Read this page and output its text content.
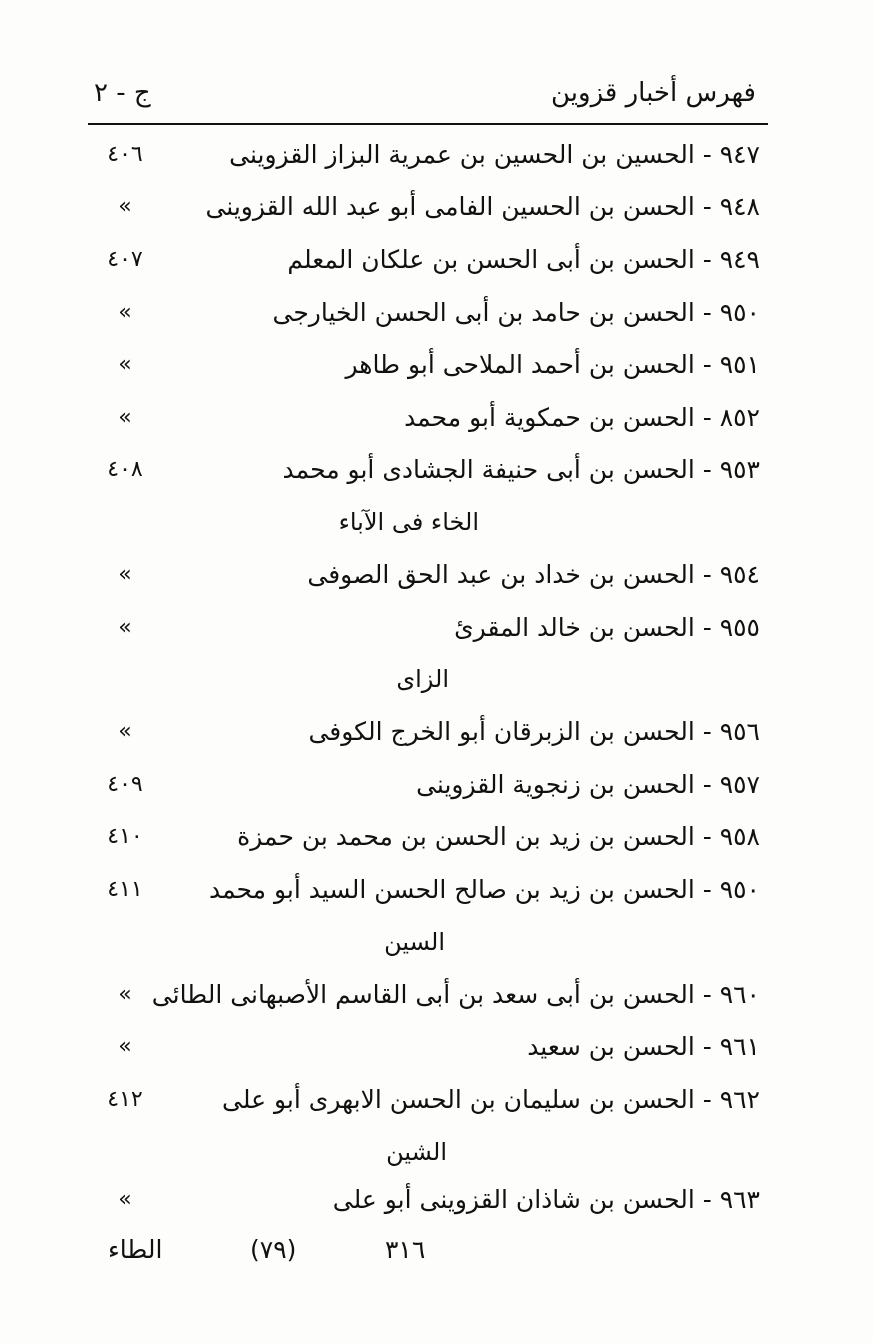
فهرس أخبار قزوين
ج - ٢
٩٤٧ - الحسين بن الحسين بن عمرية البزاز القزوينى
٤٠٦
٩٤٨ - الحسن بن الحسين الفامى أبو عبد الله القزوينى
»
٩٤٩ - الحسن بن أبى الحسن بن علكان المعلم
٤٠٧
٩٥٠ - الحسن بن حامد بن أبى الحسن الخيارجى
»
٩٥١ - الحسن بن أحمد الملاحى أبو طاهر
»
٨٥٢ - الحسن بن حمكوية أبو محمد
»
٩٥٣ - الحسن بن أبى حنيفة الجشادى أبو محمد
٤٠٨
الخاء فى الآباء
٩٥٤ - الحسن بن خداد بن عبد الحق الصوفى
»
٩٥٥ - الحسن بن خالد المقرئ
»
الزاى
٩٥٦ - الحسن بن الزبرقان أبو الخرج الكوفى
»
٩٥٧ - الحسن بن زنجوية القزوينى
٤٠٩
٩٥٨ - الحسن بن زيد بن الحسن بن محمد بن حمزة
٤١٠
٩٥٠ - الحسن بن زيد بن صالح الحسن السيد أبو محمد
٤١١
السين
٩٦٠ - الحسن بن أبى سعد بن أبى القاسم الأصبهانى الطائى
»
٩٦١ - الحسن بن سعيد
»
٩٦٢ - الحسن بن سليمان بن الحسن الابهرى أبو على
٤١٢
الشين
٩٦٣ - الحسن بن شاذان القزوينى أبو على
»
الطاء	(٧٩)	٣١٦
